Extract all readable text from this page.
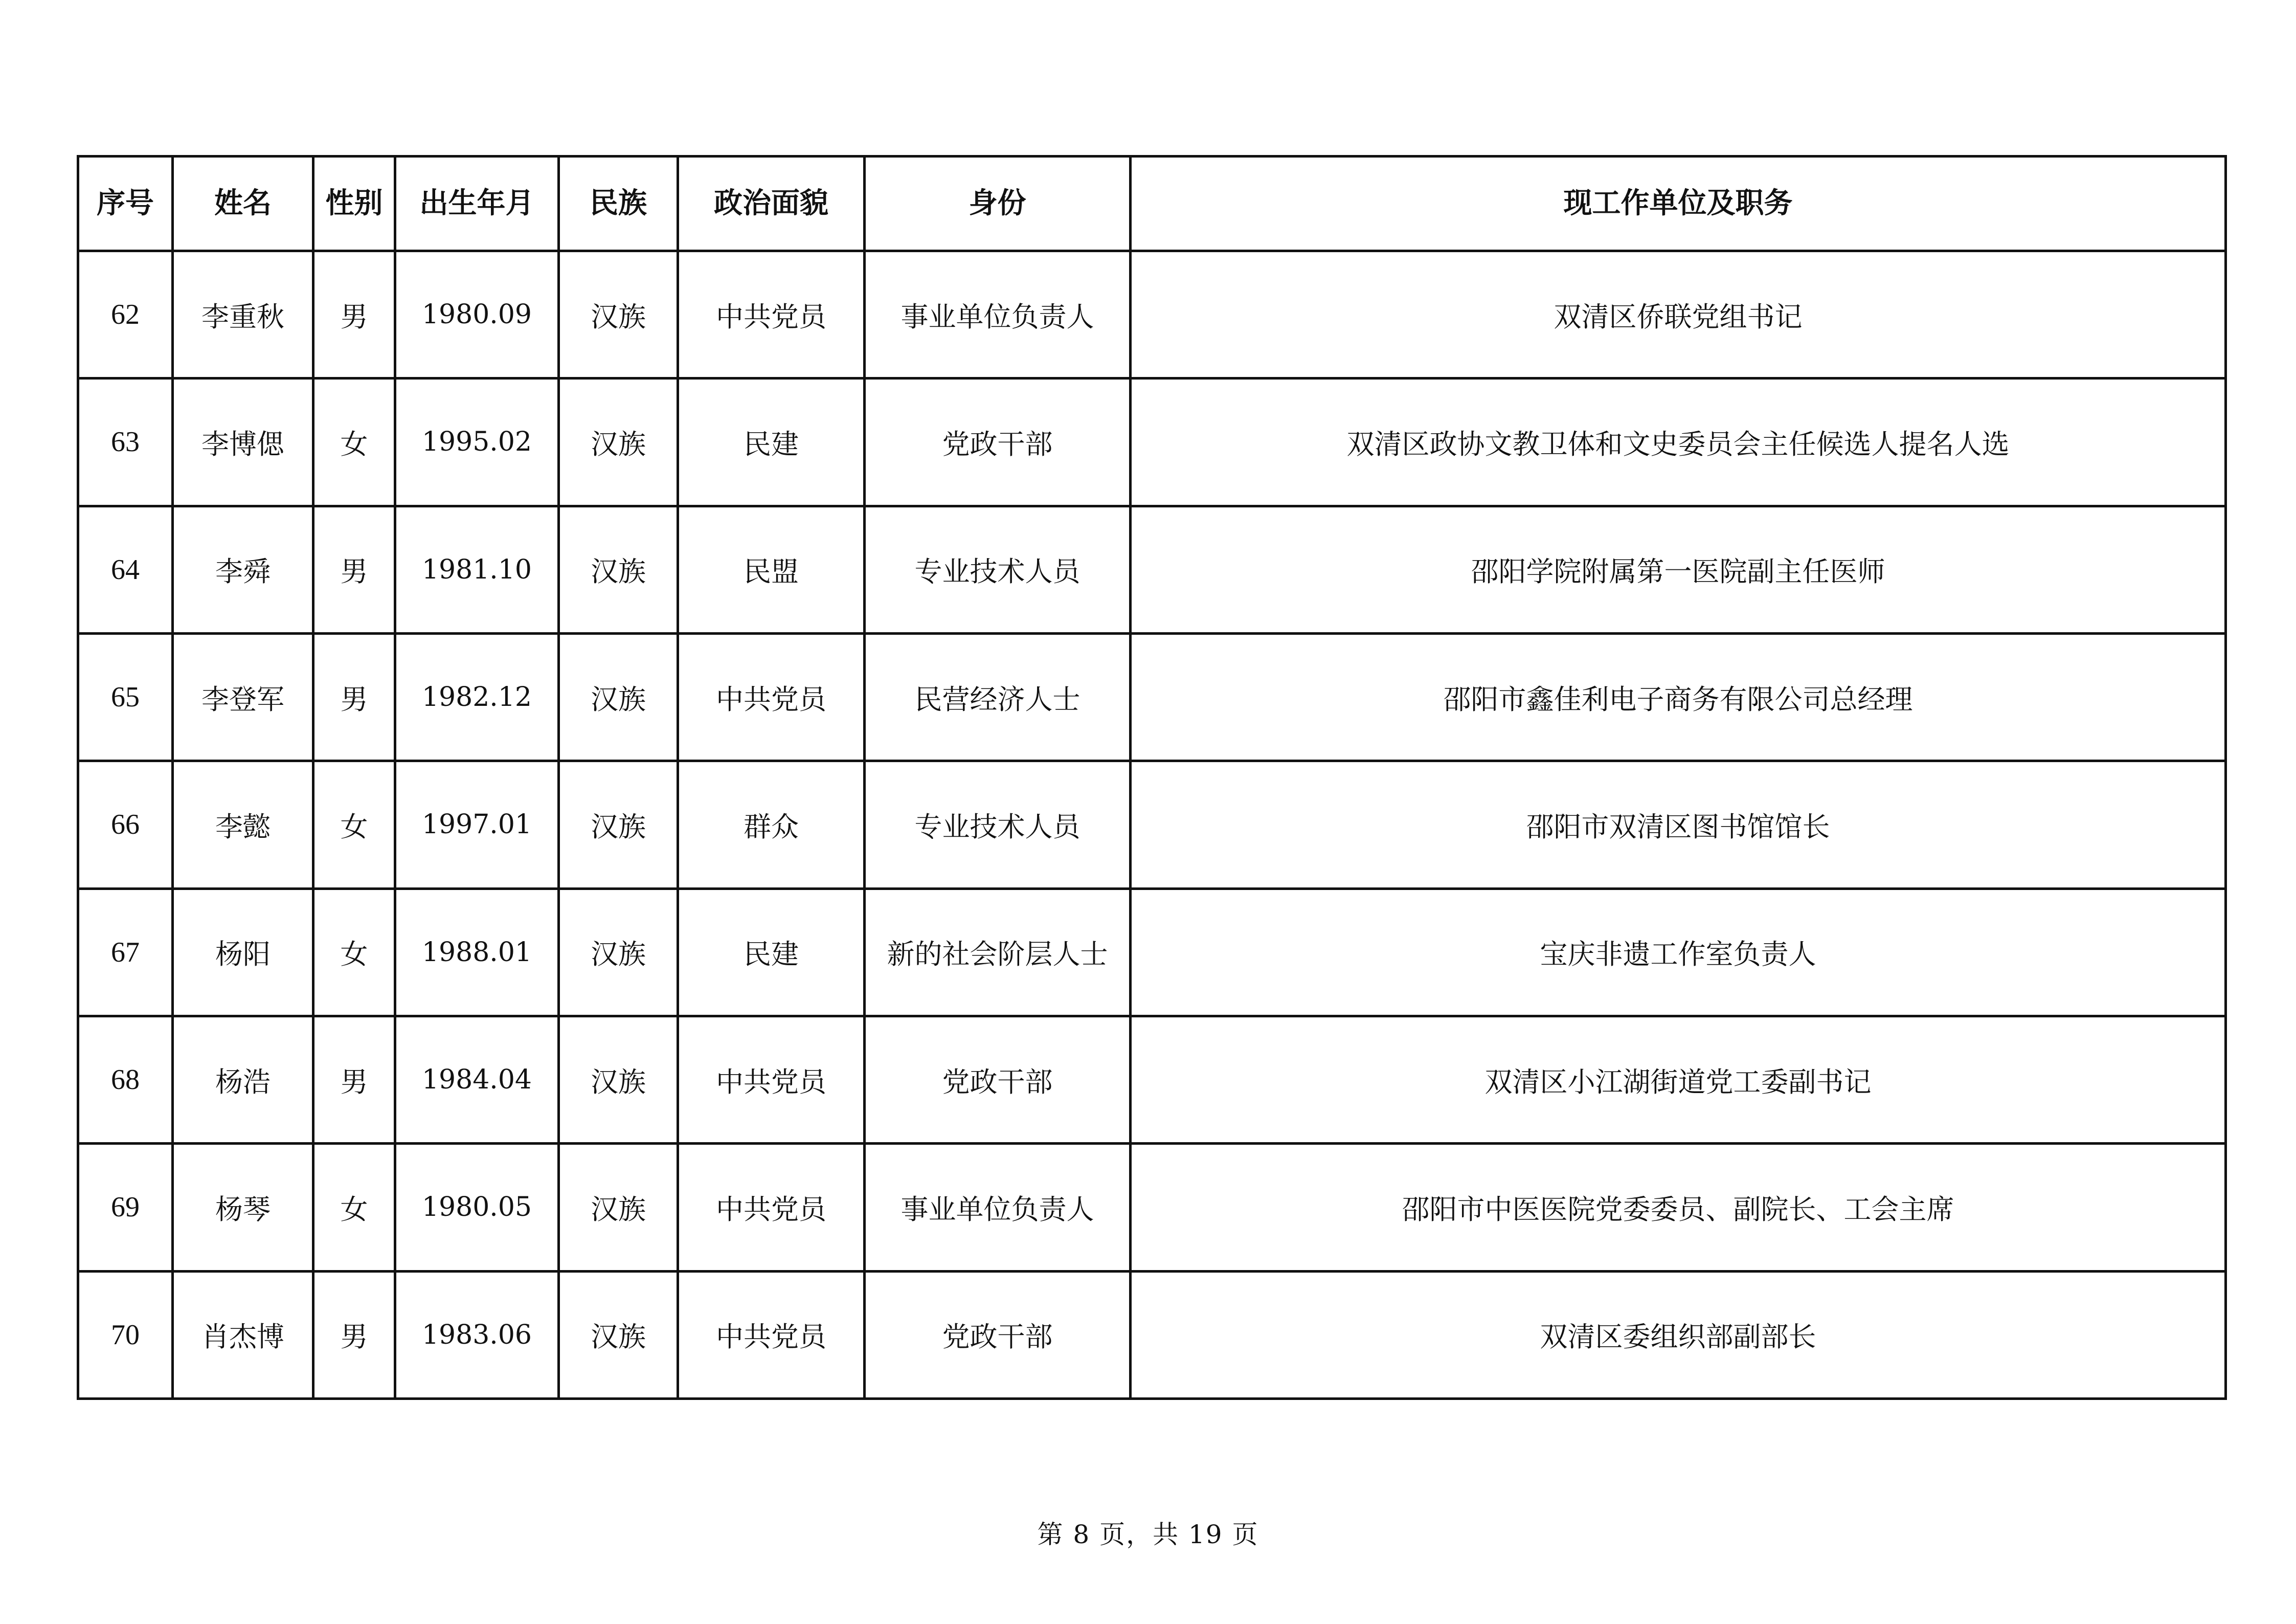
序号	姓名	性别	出生年月	民族	政治面貌	身份	现工作单位及职务
62	李重秋	男	1980.09	汉族	中共党员	事业单位负责人	双清区侨联党组书记
63	李博偲	女	1995.02	汉族	民建	党政干部	双清区政协文教卫体和文史委员会主任候选人提名人选
64	李舜	男	1981.10	汉族	民盟	专业技术人员	邵阳学院附属第一医院副主任医师
65	李登军	男	1982.12	汉族	中共党员	民营经济人士	邵阳市鑫佳利电子商务有限公司总经理
66	李懿	女	1997.01	汉族	群众	专业技术人员	邵阳市双清区图书馆馆长
67	杨阳	女	1988.01	汉族	民建	新的社会阶层人士	宝庆非遗工作室负责人
68	杨浩	男	1984.04	汉族	中共党员	党政干部	双清区小江湖街道党工委副书记
69	杨琴	女	1980.05	汉族	中共党员	事业单位负责人	邵阳市中医医院党委委员、副院长、工会主席
70	肖杰博	男	1983.06	汉族	中共党员	党政干部	双清区委组织部副部长
第 8 页，共 19 页
